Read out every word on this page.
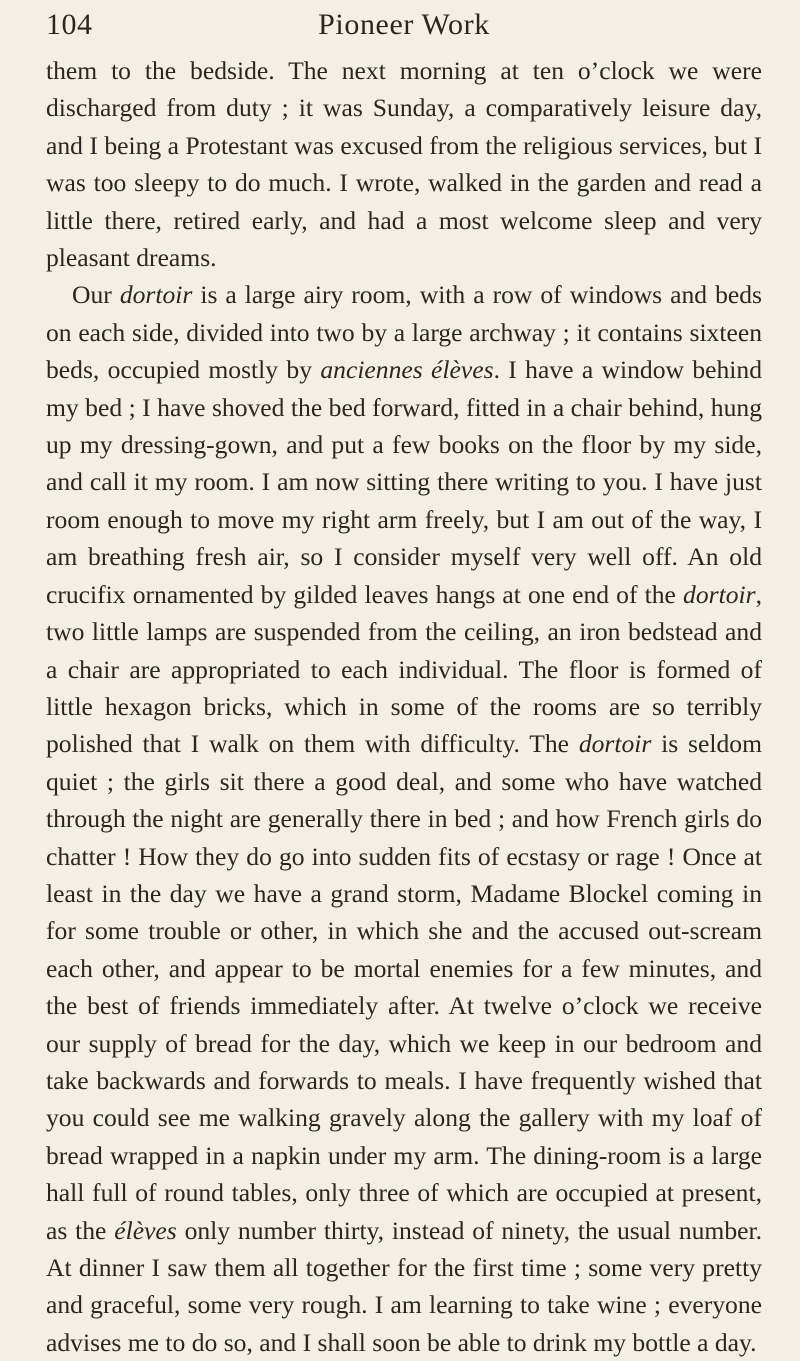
104	Pioneer Work

them to the bedside. The next morning at ten o’clock we were discharged from duty ; it was Sunday, a comparatively leisure day, and I being a Protestant was excused from the religious services, but I was too sleepy to do much. I wrote, walked in the garden and read a little there, retired early, and had a most welcome sleep and very pleasant dreams.

Our dortoir is a large airy room, with a row of windows and beds on each side, divided into two by a large archway ; it contains sixteen beds, occupied mostly by anciennes élèves. I have a window behind my bed ; I have shoved the bed forward, fitted in a chair behind, hung up my dressing-gown, and put a few books on the floor by my side, and call it my room. I am now sitting there writing to you. I have just room enough to move my right arm freely, but I am out of the way, I am breathing fresh air, so I consider myself very well off. An old crucifix ornamented by gilded leaves hangs at one end of the dortoir, two little lamps are suspended from the ceiling, an iron bedstead and a chair are appropriated to each individual. The floor is formed of little hexagon bricks, which in some of the rooms are so terribly polished that I walk on them with difficulty. The dortoir is seldom quiet ; the girls sit there a good deal, and some who have watched through the night are generally there in bed ; and how French girls do chatter ! How they do go into sudden fits of ecstasy or rage ! Once at least in the day we have a grand storm, Madame Blockel coming in for some trouble or other, in which she and the accused out-scream each other, and appear to be mortal enemies for a few minutes, and the best of friends immediately after. At twelve o’clock we receive our supply of bread for the day, which we keep in our bedroom and take backwards and forwards to meals. I have frequently wished that you could see me walking gravely along the gallery with my loaf of bread wrapped in a napkin under my arm. The dining-room is a large hall full of round tables, only three of which are occupied at present, as the élèves only number thirty, instead of ninety, the usual number. At dinner I saw them all together for the first time ; some very pretty and graceful, some very rough. I am learning to take wine ; everyone advises me to do so, and I shall soon be able to drink my bottle a day.
